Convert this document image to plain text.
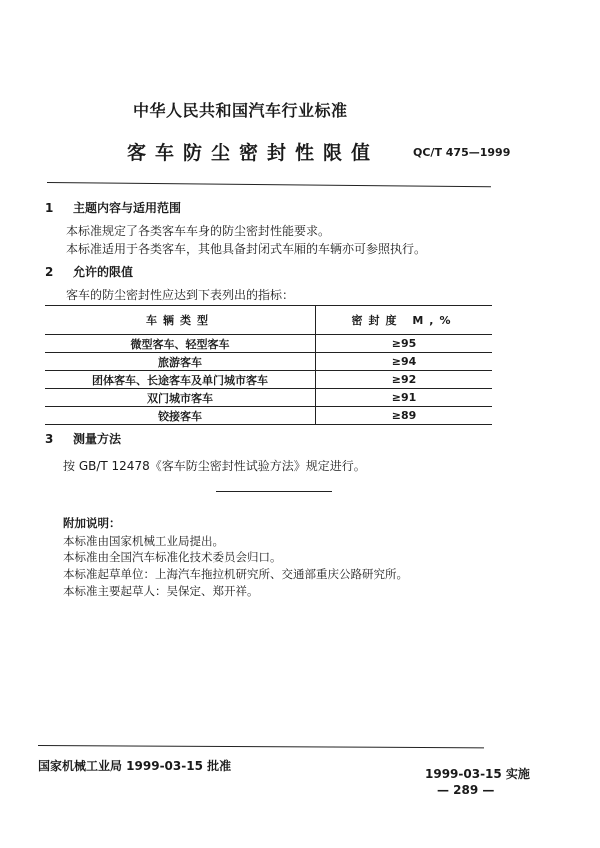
中华人民共和国汽车行业标准
客车防尘密封性限值	QC/T 475—1999
1 主题内容与适用范围
本标准规定了各类客车车身的防尘密封性能要求。
本标准适用于各类客车，其他具备封闭式车厢的车辆亦可参照执行。
2 允许的限值
客车的防尘密封性应达到下表列出的指标：
车辆类型	密封度 M,%
微型客车、轻型客车	≥95
旅游客车	≥94
团体客车、长途客车及单门城市客车	≥92
双门城市客车	≥91
铰接客车	≥89
3 测量方法
按 GB/T 12478《客车防尘密封性试验方法》规定进行。
附加说明：
本标准由国家机械工业局提出。
本标准由全国汽车标准化技术委员会归口。
本标准起草单位：上海汽车拖拉机研究所、交通部重庆公路研究所。
本标准主要起草人：吴保定、郑开祥。
国家机械工业局 1999-03-15 批准
1999-03-15 实施
— 289 —
